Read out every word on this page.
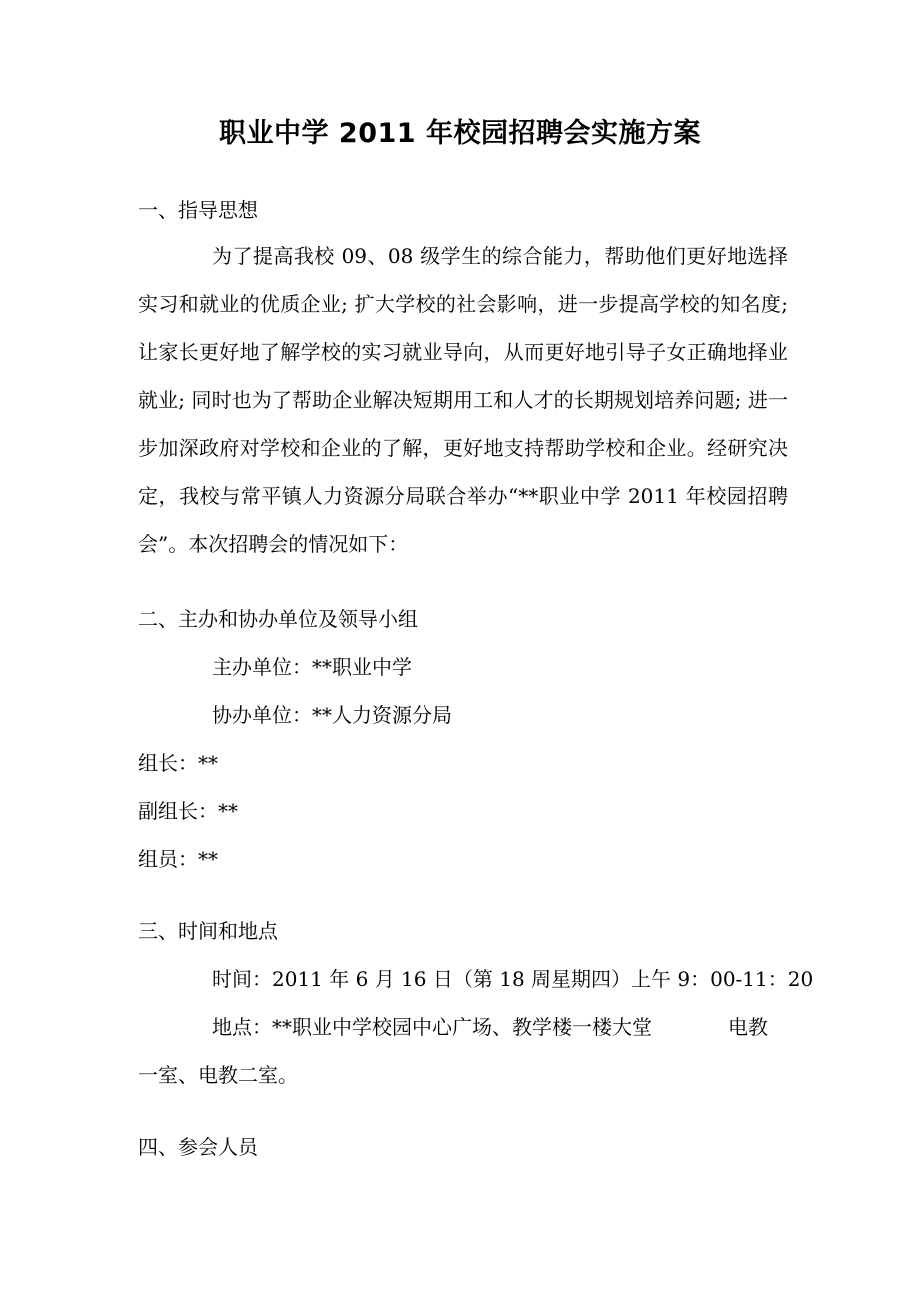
职业中学 2011 年校园招聘会实施方案
一、指导思想
为了提高我校 09、08 级学生的综合能力，帮助他们更好地选择实习和就业的优质企业; 扩大学校的社会影响，进一步提高学校的知名度; 让家长更好地了解学校的实习就业导向，从而更好地引导子女正确地择业就业; 同时也为了帮助企业解决短期用工和人才的长期规划培养问题; 进一步加深政府对学校和企业的了解，更好地支持帮助学校和企业。经研究决定，我校与常平镇人力资源分局联合举办“**职业中学 2011 年校园招聘会”。本次招聘会的情况如下：
二、主办和协办单位及领导小组
主办单位：**职业中学
协办单位：**人力资源分局
组长：**
副组长：**
组员：**
三、时间和地点
时间：2011 年 6 月 16 日（第 18 周星期四）上午 9：00-11：20
地点：**职业中学校园中心广场、教学楼一楼大堂	电教
一室、电教二室。
四、参会人员
